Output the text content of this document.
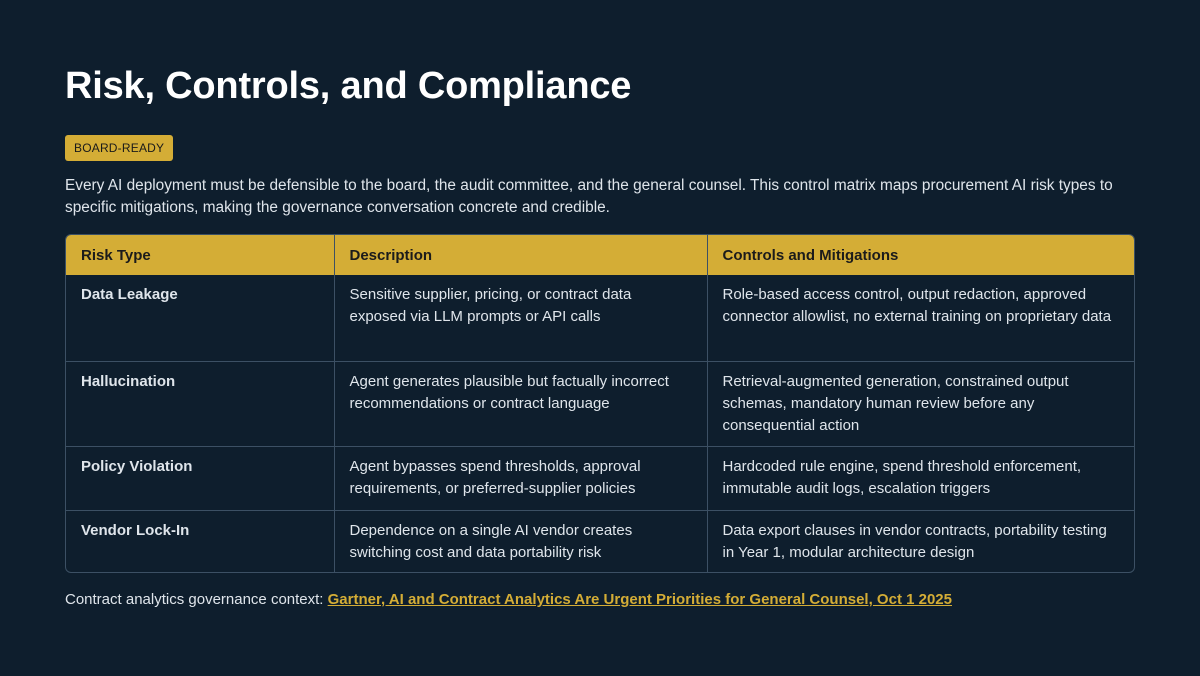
Risk, Controls, and Compliance
BOARD-READY

Every AI deployment must be defensible to the board, the audit committee, and the general counsel. This control matrix maps procurement AI risk types to specific mitigations, making the governance conversation concrete and credible.

Risk Type	Description	Controls and Mitigations
Data Leakage	Sensitive supplier, pricing, or contract data exposed via LLM prompts or API calls	Role-based access control, output redaction, approved connector allowlist, no external training on proprietary data
Hallucination	Agent generates plausible but factually incorrect recommendations or contract language	Retrieval-augmented generation, constrained output schemas, mandatory human review before any consequential action
Policy Violation	Agent bypasses spend thresholds, approval requirements, or preferred-supplier policies	Hardcoded rule engine, spend threshold enforcement, immutable audit logs, escalation triggers
Vendor Lock-In	Dependence on a single AI vendor creates switching cost and data portability risk	Data export clauses in vendor contracts, portability testing in Year 1, modular architecture design

Contract analytics governance context: Gartner, AI and Contract Analytics Are Urgent Priorities for General Counsel, Oct 1 2025
